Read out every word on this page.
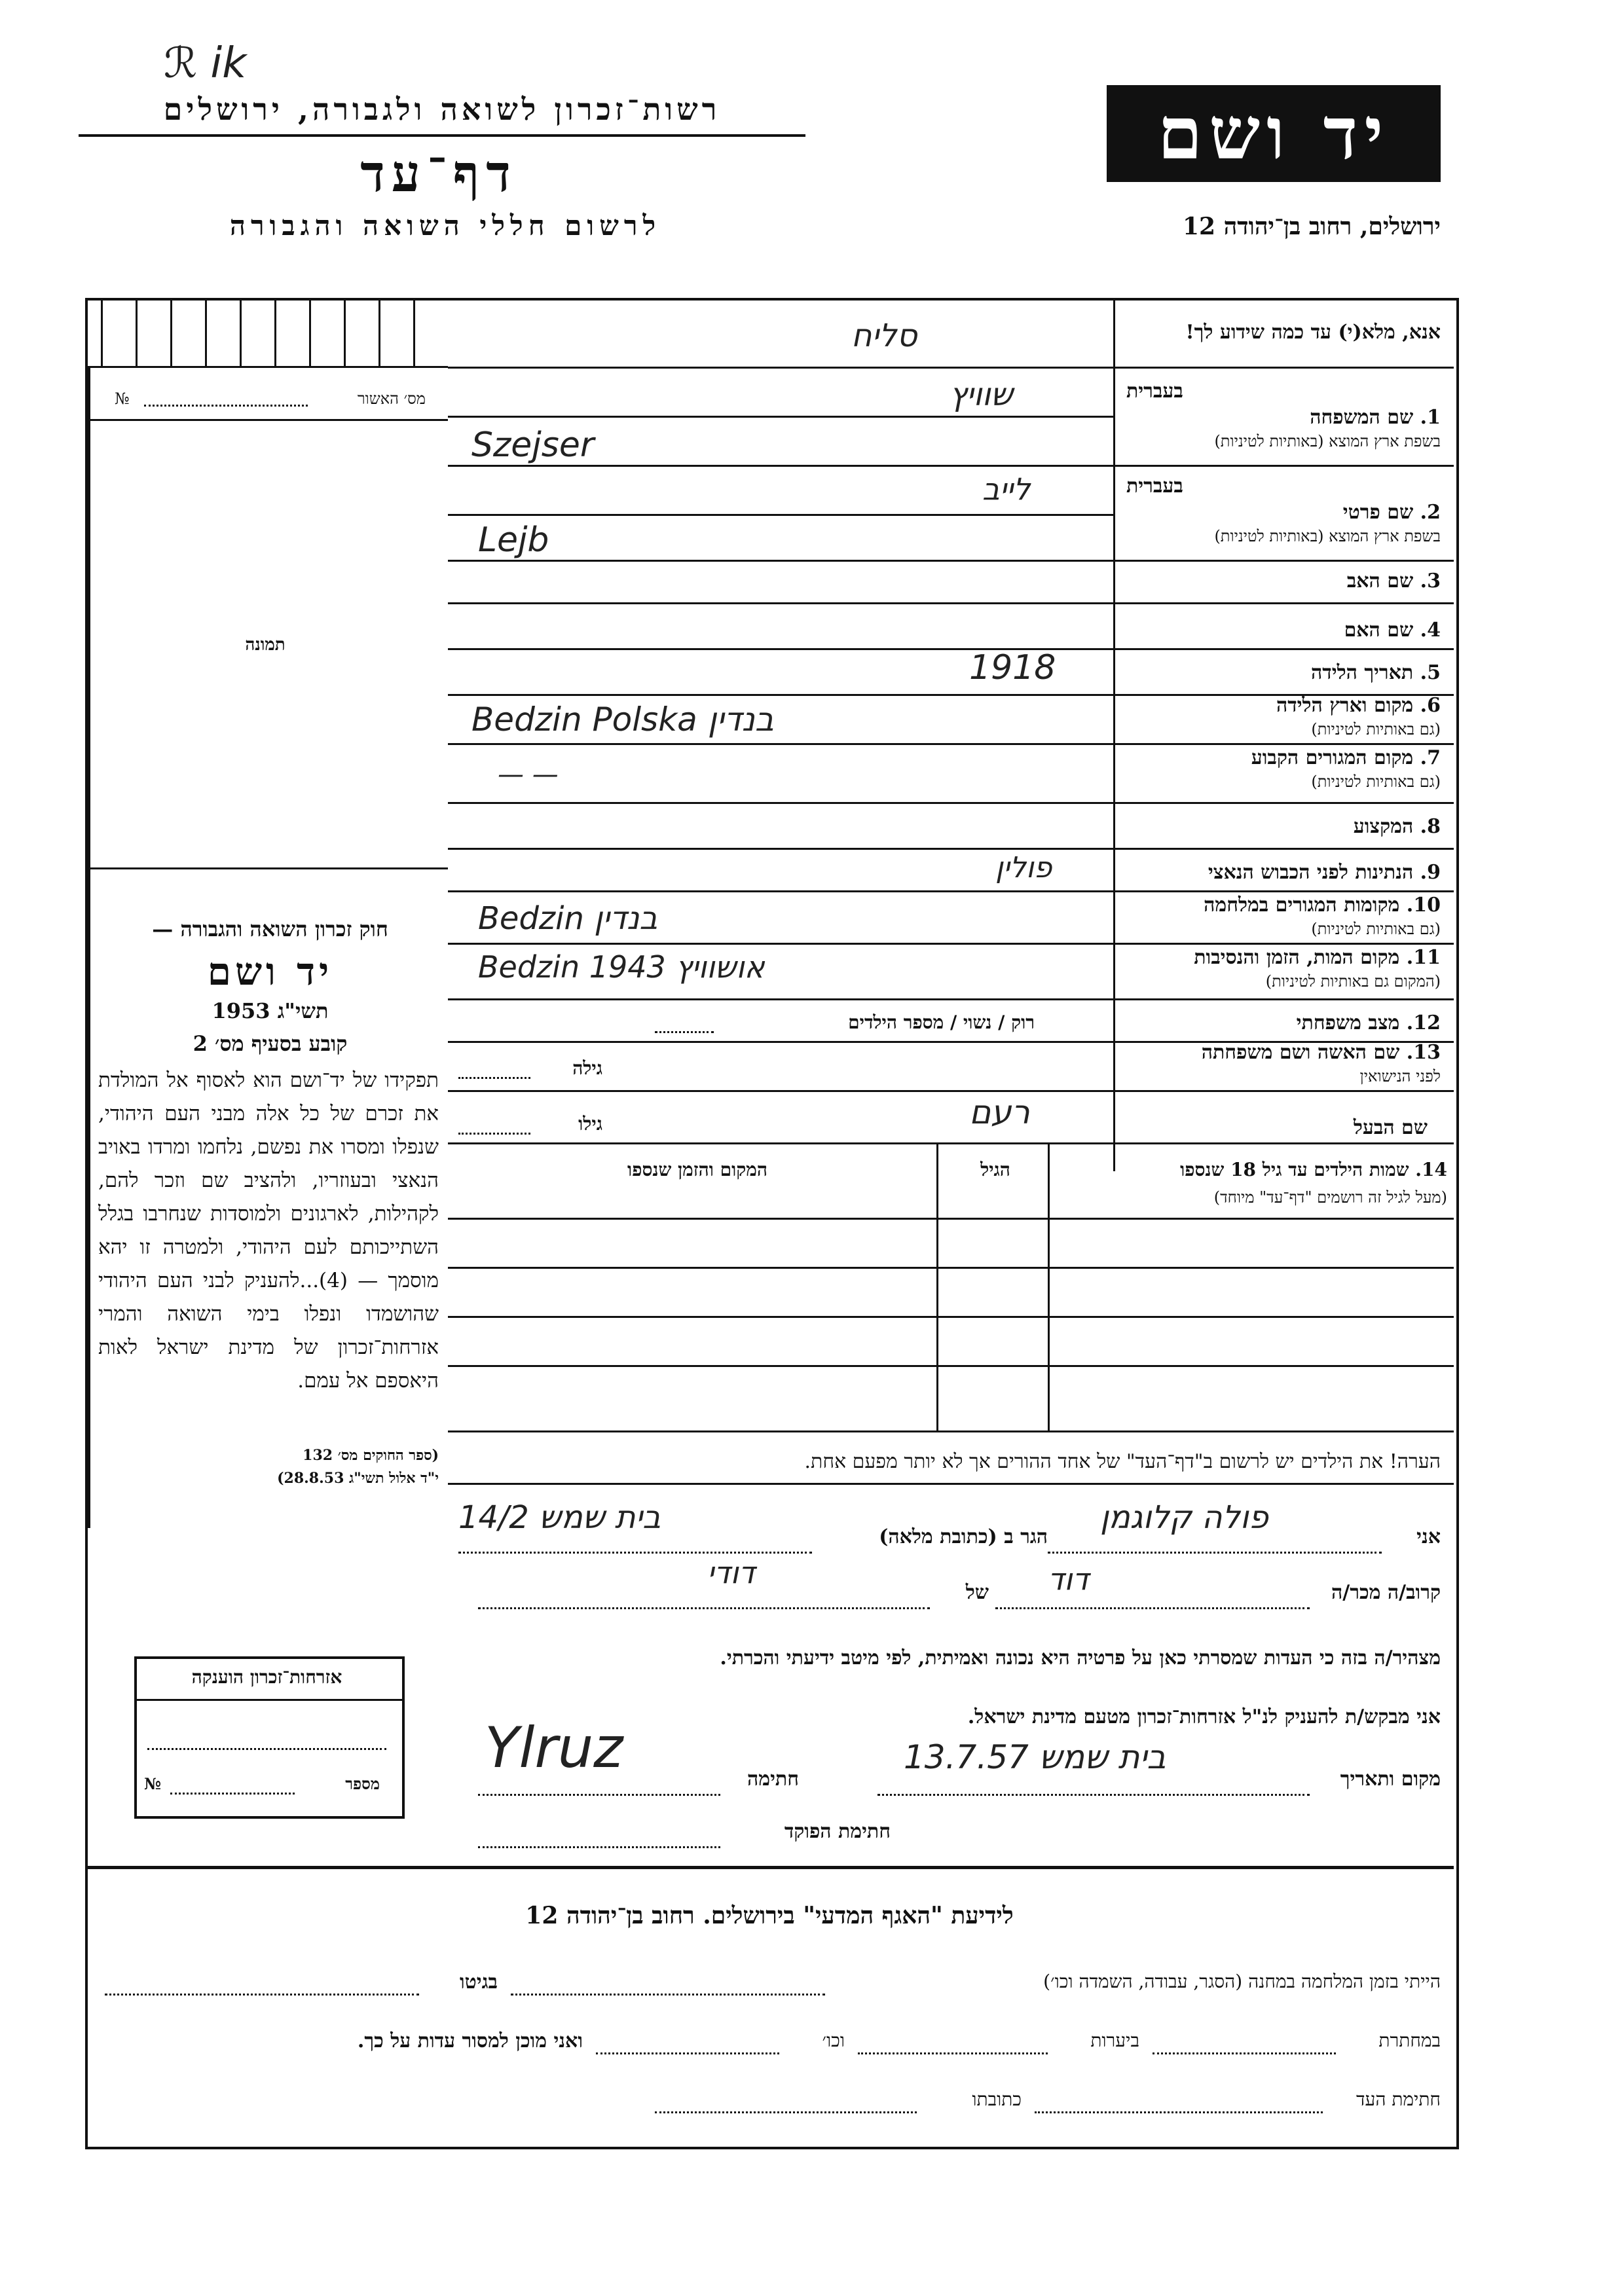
ℛ ik
רשות־זכרון לשואה ולגבורה, ירושלים
דף־עד
לרשום חללי השואה והגבורה
יד ושם
ירושלים, רחוב בן־יהודה 12
מס׳ האשור
№
תמונה
חוק זכרון השואה והגבורה —
יד ושם
תשי"ג 1953
קובע בסעיף מס׳ 2
תפקידו של יד־ושם הוא לאסוף אל המולדת את זכרם של כל אלה מבני העם היהודי, שנפלו ומסרו את נפשם, נלחמו ומרדו באויב הנאצי ובעוזריו, ולהציב שם וזכר להם, לקהילות, לארגונים ולמוסדות שנחרבו בגלל השתייכותם לעם היהודי, ולמטרה זו יהא מוסמך — (4)...להעניק לבני העם היהודי שהושמדו ונפלו בימי השואה והמרי אזרחות־זכרון של מדינת ישראל לאות היאספם אל עמם.
(ספר החוקים מס׳ 132
י"ד אלול תשי"ג 28.8.53)
אנא, מלא(י) עד כמה שידוע לך!
סליח
בעברית
1. שם המשפחה
בשפת ארץ המוצא (באותיות לטיניות)
שוויץ
Szejser
בעברית
2. שם פרטי
בשפת ארץ המוצא (באותיות לטיניות)
לייב
Lejb
3. שם האב
4. שם האם
5. תאריך הלידה
1918
6. מקום וארץ הלידה
(גם באותיות לטיניות)
Bedzin Polska בנדין
7. מקום המגורים הקבוע
(גם באותיות לטיניות)
— —
8. המקצוע
9. הנתינות לפני הכבוש הנאצי
פולין
10. מקומות המגורים במלחמה
(גם באותיות לטיניות)
Bedzin בנדין
11. מקום המות, הזמן והנסיבות
(המקום גם באותיות לטיניות)
Bedzin 1943 אושוויץ
12. מצב משפחתי
רוק / נשוי / מספר הילדים
13. שם האשה ושם משפחתה
לפני הנישואין
גילה
שם הבעל
גילו	רעם
14. שמות הילדים עד גיל 18 שנספו
(מעל לגיל זה רושמים "דף־עד" מיוחד)
הגיל
המקום והזמן שנספו
הערה! את הילדים יש לרשום ב"דף־העד" של אחד ההורים אך לא יותר מפעם אחת.
אני
פולה קלוגמן
הגר ב (כתובת מלאה)
בית שמש 14/2
קרוב/ה מכר/ה
דוד
של
דודי
מצהיר/ה בזה כי העדות שמסרתי כאן על פרטיה היא נכונה ואמיתית, לפי מיטב ידיעתי והכרתי.
אני מבקש/ת להעניק לנ"ל אזרחות־זכרון מטעם מדינת ישראל.
מקום ותאריך
בית שמש 13.7.57
חתימה
Ylruz
חתימת הפוקד
אזרחות־זכרון הוענקה
מספר
№
לידיעת "האגף המדעי" בירושלים. רחוב בן־יהודה 12
הייתי בזמן המלחמה במחנה (הסגר, עבודה, השמדה וכו׳)
בגיטו
במחתרת
ביערות
וכו׳
ואני מוכן למסור עדות על כך.
חתימת העד
כתובתו
